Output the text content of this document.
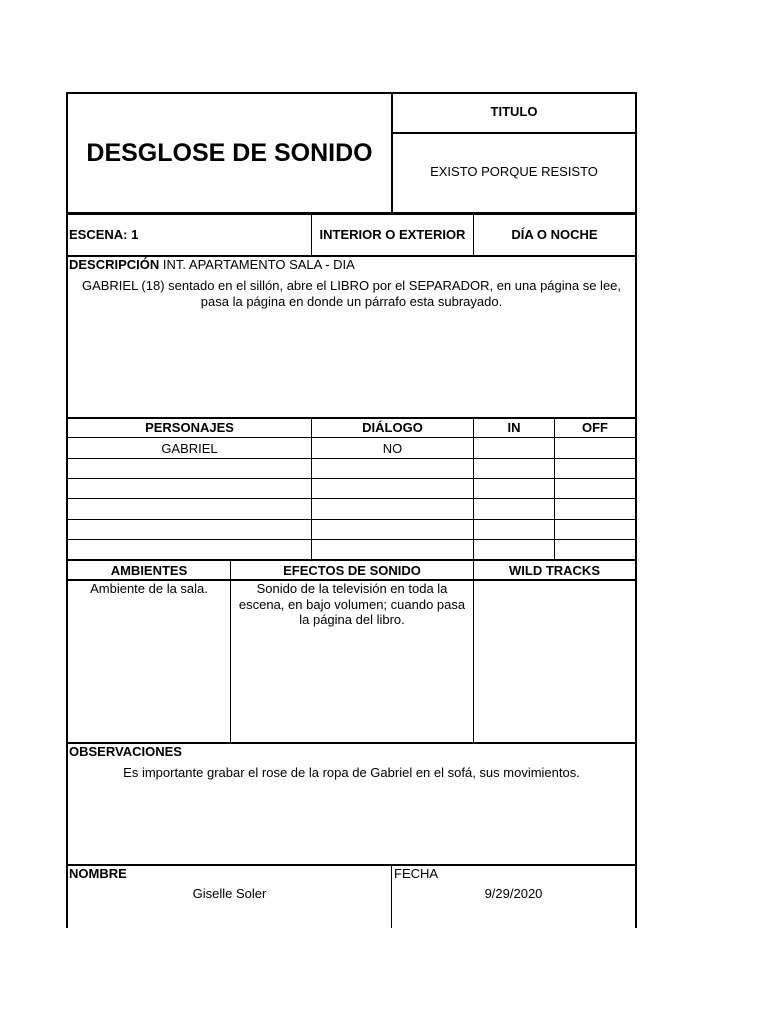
DESGLOSE DE SONIDO
TITULO
EXISTO PORQUE RESISTO
ESCENA: 1	INTERIOR O EXTERIOR	DÍA O NOCHE
DESCRIPCIÓN INT. APARTAMENTO SALA - DIA
GABRIEL (18) sentado en el sillón, abre el LIBRO por el SEPARADOR, en una página se lee,
pasa la página en donde un párrafo esta subrayado.
PERSONAJES	DIÁLOGO	IN	OFF
GABRIEL	NO
AMBIENTES	EFECTOS DE SONIDO	WILD TRACKS
Ambiente de la sala.	Sonido de la televisión en toda la
escena, en bajo volumen; cuando pasa
la página del libro.
OBSERVACIONES
Es importante grabar el rose de la ropa de Gabriel en el sofá, sus movimientos.
NOMBRE
Giselle Soler
FECHA
9/29/2020
